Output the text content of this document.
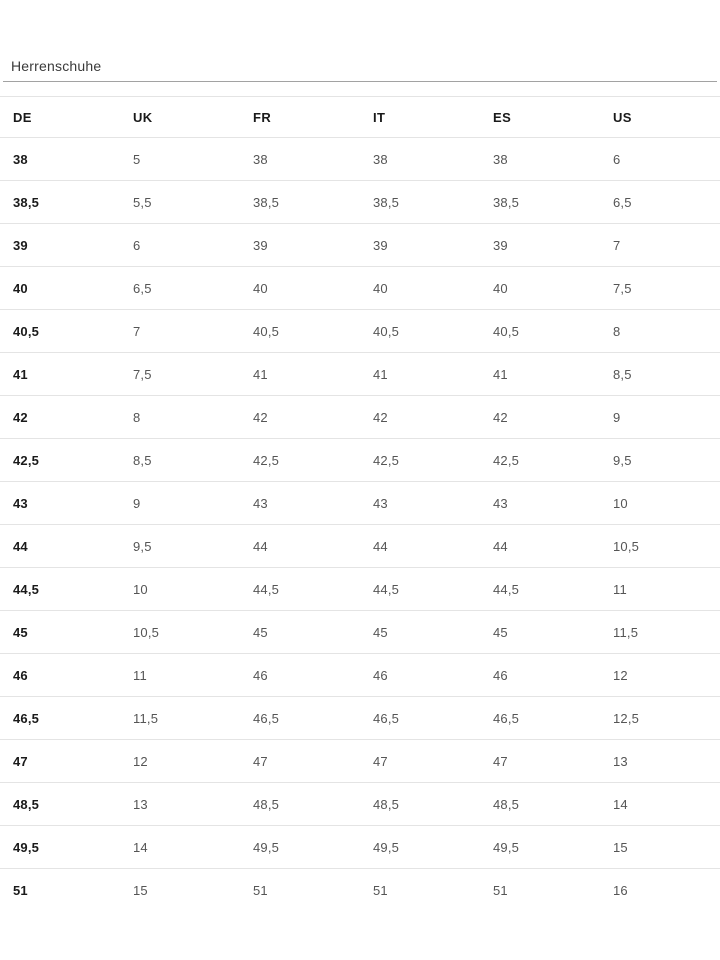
Herrenschuhe
DE	UK	FR	IT	ES	US
38	5	38	38	38	6
38,5	5,5	38,5	38,5	38,5	6,5
39	6	39	39	39	7
40	6,5	40	40	40	7,5
40,5	7	40,5	40,5	40,5	8
41	7,5	41	41	41	8,5
42	8	42	42	42	9
42,5	8,5	42,5	42,5	42,5	9,5
43	9	43	43	43	10
44	9,5	44	44	44	10,5
44,5	10	44,5	44,5	44,5	11
45	10,5	45	45	45	11,5
46	11	46	46	46	12
46,5	11,5	46,5	46,5	46,5	12,5
47	12	47	47	47	13
48,5	13	48,5	48,5	48,5	14
49,5	14	49,5	49,5	49,5	15
51	15	51	51	51	16
